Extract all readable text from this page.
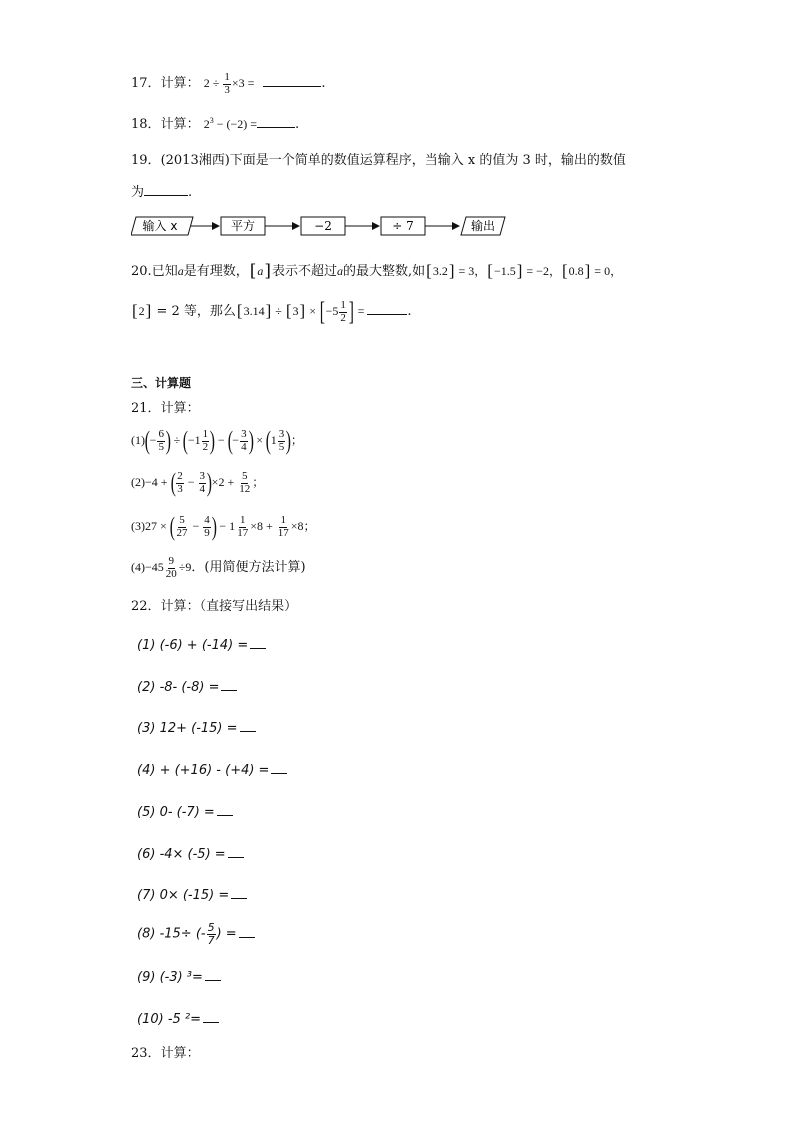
17．计算： $2 \div \frac{1}{3} \times 3$ =	.
18．计算： $2^3 - (-2)$ =	.
19．(2013湘西)下面是一个简单的数值运算程序，当输入 x 的值为 3 时，输出的数值
为	.
输入 x	平方	−2	÷ 7	输出
20.已知a是有理数，[a]表示不超过a的最大整数,如[3.2] = 3，[−1.5] = −2，[0.8] = 0，
[2] = 2 等，那么$[3.14] \div [3] \times [-5 \frac{1}{2}$ ] =	.
三、计算题
21．计算：
$(1)(- \frac{6}{5}$ ) ÷ ($-1 \frac{1}{2}$ ) − (− $\frac{3}{4}$ ) × ($1 \frac{3}{5}$ )；
(2)−4 + ( $\frac{2}{3} - \frac{3}{4} )\times 2 + \frac{5}{12}$ ；
(3)27 × ( $\frac{5}{27} - \frac{4}{9}$ ) − $1 \frac{1}{17} \times 8 + \frac{1}{17} \times 8$；
$(4)-45 \frac{9}{20} \div 9$．(用简便方法计算)
22．计算：（直接写出结果）
(1) (-6) + (-14) =
(2) -8- (-8) =
(3) 12+ (-15) =
(4) + (+16) - (+4) =
(5) 0- (-7) =
(6) -4× (-5) =
(7) 0× (-15) =
(8) -15÷ (- $\frac{5}{7}$ ) =
(9) (-3) ³=
(10) -5 ²=
23．计算：
